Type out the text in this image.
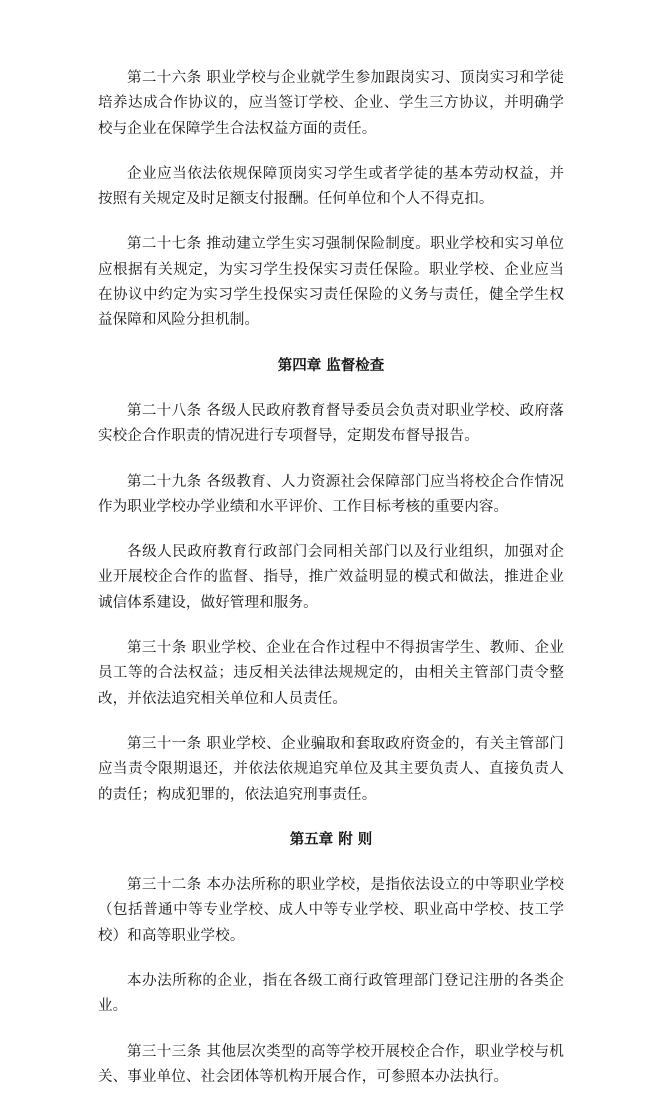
第二十六条 职业学校与企业就学生参加跟岗实习、顶岗实习和学徒培养达成合作协议的，应当签订学校、企业、学生三方协议，并明确学校与企业在保障学生合法权益方面的责任。

企业应当依法依规保障顶岗实习学生或者学徒的基本劳动权益，并按照有关规定及时足额支付报酬。任何单位和个人不得克扣。

第二十七条 推动建立学生实习强制保险制度。职业学校和实习单位应根据有关规定，为实习学生投保实习责任保险。职业学校、企业应当在协议中约定为实习学生投保实习责任保险的义务与责任，健全学生权益保障和风险分担机制。

第四章 监督检查

第二十八条 各级人民政府教育督导委员会负责对职业学校、政府落实校企合作职责的情况进行专项督导，定期发布督导报告。

第二十九条 各级教育、人力资源社会保障部门应当将校企合作情况作为职业学校办学业绩和水平评价、工作目标考核的重要内容。

各级人民政府教育行政部门会同相关部门以及行业组织，加强对企业开展校企合作的监督、指导，推广效益明显的模式和做法，推进企业诚信体系建设，做好管理和服务。

第三十条 职业学校、企业在合作过程中不得损害学生、教师、企业员工等的合法权益；违反相关法律法规规定的，由相关主管部门责令整改，并依法追究相关单位和人员责任。

第三十一条 职业学校、企业骗取和套取政府资金的，有关主管部门应当责令限期退还，并依法依规追究单位及其主要负责人、直接负责人的责任；构成犯罪的，依法追究刑事责任。

第五章 附 则

第三十二条 本办法所称的职业学校，是指依法设立的中等职业学校（包括普通中等专业学校、成人中等专业学校、职业高中学校、技工学校）和高等职业学校。

本办法所称的企业，指在各级工商行政管理部门登记注册的各类企业。

第三十三条 其他层次类型的高等学校开展校企合作，职业学校与机关、事业单位、社会团体等机构开展合作，可参照本办法执行。
